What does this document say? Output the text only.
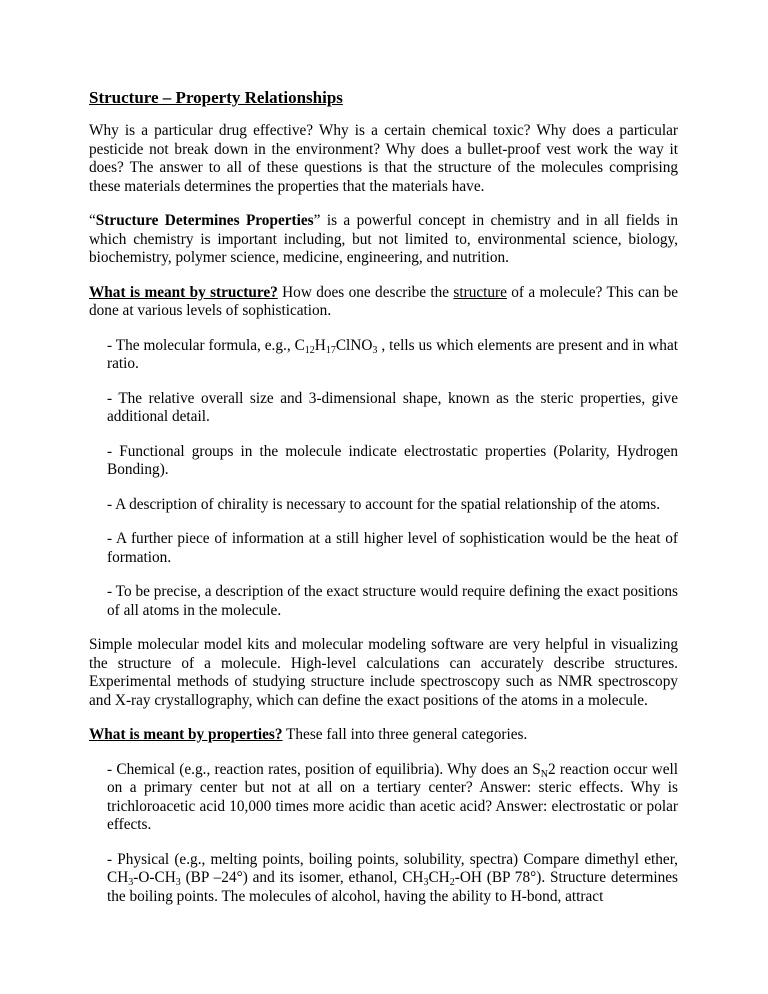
Structure – Property Relationships

Why is a particular drug effective? Why is a certain chemical toxic? Why does a particular pesticide not break down in the environment? Why does a bullet-proof vest work the way it does? The answer to all of these questions is that the structure of the molecules comprising these materials determines the properties that the materials have.

“Structure Determines Properties” is a powerful concept in chemistry and in all fields in which chemistry is important including, but not limited to, environmental science, biology, biochemistry, polymer science, medicine, engineering, and nutrition.

What is meant by structure? How does one describe the structure of a molecule? This can be done at various levels of sophistication.

- The molecular formula, e.g., $C_{12}H_{17}ClNO_3$ , tells us which elements are present and in what ratio.

- The relative overall size and 3-dimensional shape, known as the steric properties, give additional detail.

- Functional groups in the molecule indicate electrostatic properties (Polarity, Hydrogen Bonding).

- A description of chirality is necessary to account for the spatial relationship of the atoms.

- A further piece of information at a still higher level of sophistication would be the heat of formation.

- To be precise, a description of the exact structure would require defining the exact positions of all atoms in the molecule.

Simple molecular model kits and molecular modeling software are very helpful in visualizing the structure of a molecule. High-level calculations can accurately describe structures. Experimental methods of studying structure include spectroscopy such as NMR spectroscopy and X-ray crystallography, which can define the exact positions of the atoms in a molecule.

What is meant by properties? These fall into three general categories.

- Chemical (e.g., reaction rates, position of equilibria). Why does an $S_N2$ reaction occur well on a primary center but not at all on a tertiary center? Answer: steric effects. Why is trichloroacetic acid 10,000 times more acidic than acetic acid? Answer: electrostatic or polar effects.

- Physical (e.g., melting points, boiling points, solubility, spectra) Compare dimethyl ether, $CH_3-O-CH_3$ (BP –24°) and its isomer, ethanol, $CH_3CH_2-OH$ (BP 78°). Structure determines the boiling points. The molecules of alcohol, having the ability to H-bond, attract
